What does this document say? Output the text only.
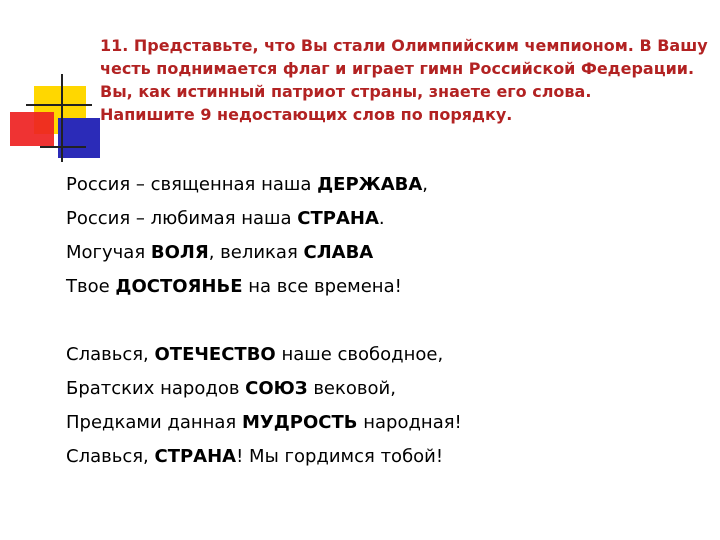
11. Представьте, что Вы стали Олимпийским чемпионом. В Вашу

честь поднимается флаг и играет гимн Российской Федерации.

Вы, как истинный патриот страны, знаете его слова.

Напишите 9 недостающих слов по порядку.

Россия – священная наша ДЕРЖАВА,
Россия – любимая наша СТРАНА.
Могучая ВОЛЯ, великая СЛАВА
Твое ДОСТОЯНЬЕ на все времена!
Славься, ОТЕЧЕСТВО наше свободное,
Братских народов СОЮЗ вековой,
Предками данная МУДРОСТЬ народная!
Славься, СТРАНА! Мы гордимся тобой!
